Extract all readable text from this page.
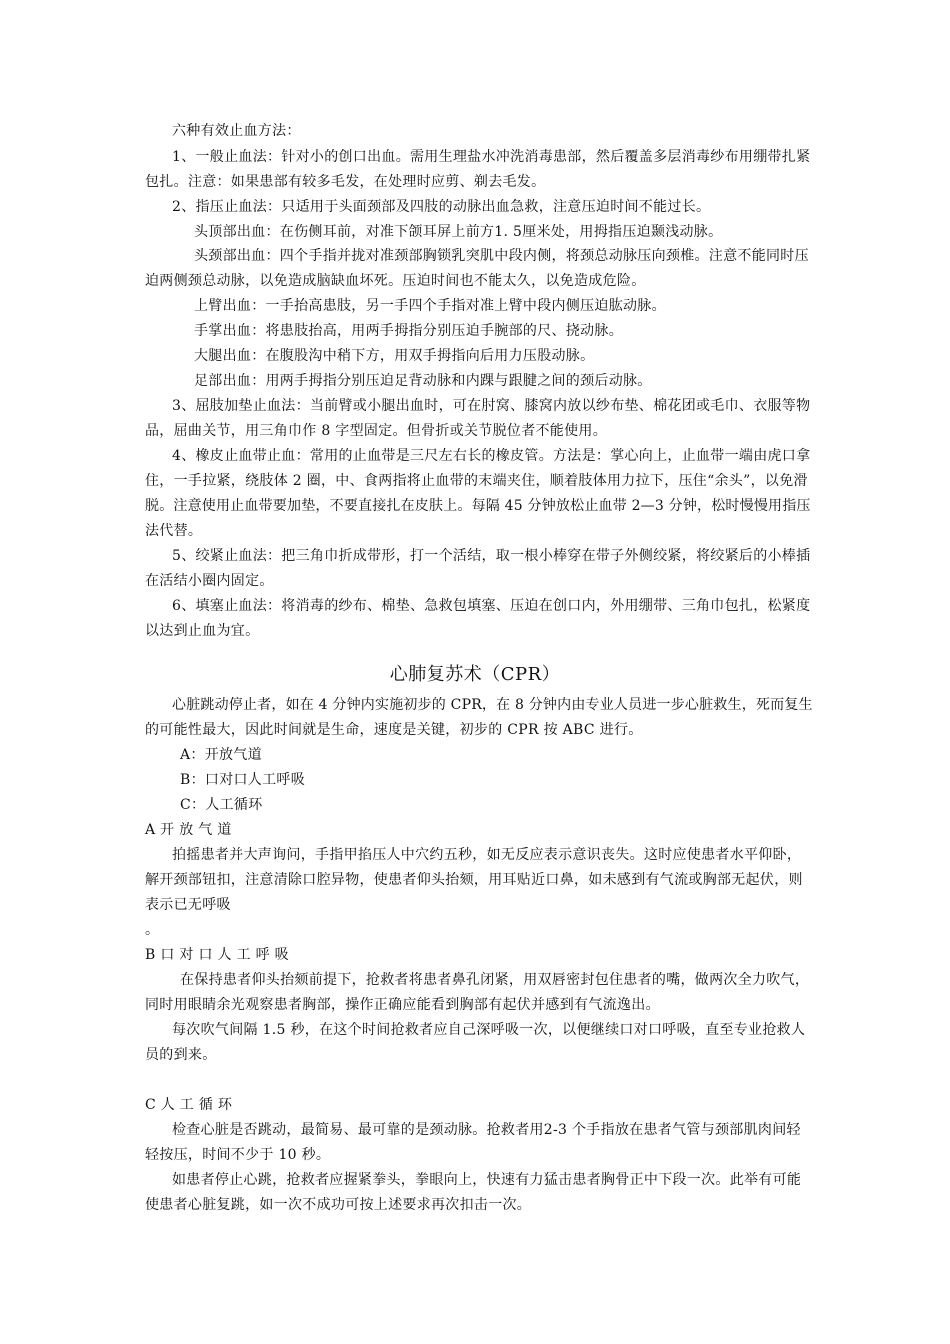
六种有效止血方法：
1、一般止血法：针对小的创口出血。需用生理盐水冲洗消毒患部，然后覆盖多层消毒纱布用绷带扎紧
包扎。注意：如果患部有较多毛发，在处理时应剪、剃去毛发。
2、指压止血法：只适用于头面颈部及四肢的动脉出血急救，注意压迫时间不能过长。
头顶部出血：在伤侧耳前，对准下颌耳屏上前方1. 5厘米处，用拇指压迫颞浅动脉。
头颈部出血：四个手指并拢对准颈部胸锁乳突肌中段内侧，将颈总动脉压向颈椎。注意不能同时压
迫两侧颈总动脉，以免造成脑缺血坏死。压迫时间也不能太久，以免造成危险。
上臂出血：一手抬高患肢，另一手四个手指对准上臂中段内侧压迫肱动脉。
手掌出血：将患肢抬高，用两手拇指分别压迫手腕部的尺、挠动脉。
大腿出血：在腹股沟中稍下方，用双手拇指向后用力压股动脉。
足部出血：用两手拇指分别压迫足背动脉和内踝与跟腱之间的颈后动脉。
3、屈肢加垫止血法：当前臂或小腿出血时，可在肘窝、膝窝内放以纱布垫、棉花团或毛巾、衣服等物
品，屈曲关节，用三角巾作 8 字型固定。但骨折或关节脱位者不能使用。
4、橡皮止血带止血：常用的止血带是三尺左右长的橡皮管。方法是：掌心向上，止血带一端由虎口拿
住，一手拉紧，绕肢体 2 圈，中、食两指将止血带的末端夹住，顺着肢体用力拉下，压住“余头”，以免滑
脱。注意使用止血带要加垫，不要直接扎在皮肤上。每隔 45 分钟放松止血带 2—3 分钟，松时慢慢用指压
法代替。
5、绞紧止血法：把三角巾折成带形，打一个活结，取一根小棒穿在带子外侧绞紧，将绞紧后的小棒插
在活结小圈内固定。
6、填塞止血法：将消毒的纱布、棉垫、急救包填塞、压迫在创口内，外用绷带、三角巾包扎，松紧度
以达到止血为宜。
心肺复苏术（CPR）
心脏跳动停止者，如在 4 分钟内实施初步的 CPR，在 8 分钟内由专业人员进一步心脏救生，死而复生
的可能性最大，因此时间就是生命，速度是关键，初步的 CPR 按 ABC 进行。
A：开放气道
B：口对口人工呼吸
C：人工循环
A 开 放 气 道
拍摇患者并大声询问，手指甲掐压人中穴约五秒，如无反应表示意识丧失。这时应使患者水平仰卧，
解开颈部钮扣，注意清除口腔异物，使患者仰头抬颏，用耳贴近口鼻，如未感到有气流或胸部无起伏，则
表示已无呼吸
。
B 口 对 口 人 工 呼 吸
在保持患者仰头抬颏前提下，抢救者将患者鼻孔闭紧，用双唇密封包住患者的嘴，做两次全力吹气，
同时用眼睛余光观察患者胸部，操作正确应能看到胸部有起伏并感到有气流逸出。
每次吹气间隔 1.5 秒，在这个时间抢救者应自己深呼吸一次，以便继续口对口呼吸，直至专业抢救人
员的到来。
C 人 工 循 环
检查心脏是否跳动，最简易、最可靠的是颈动脉。抢救者用2-3 个手指放在患者气管与颈部肌肉间轻
轻按压，时间不少于 10 秒。
如患者停止心跳，抢救者应握紧拳头，拳眼向上，快速有力猛击患者胸骨正中下段一次。此举有可能
使患者心脏复跳，如一次不成功可按上述要求再次扣击一次。
